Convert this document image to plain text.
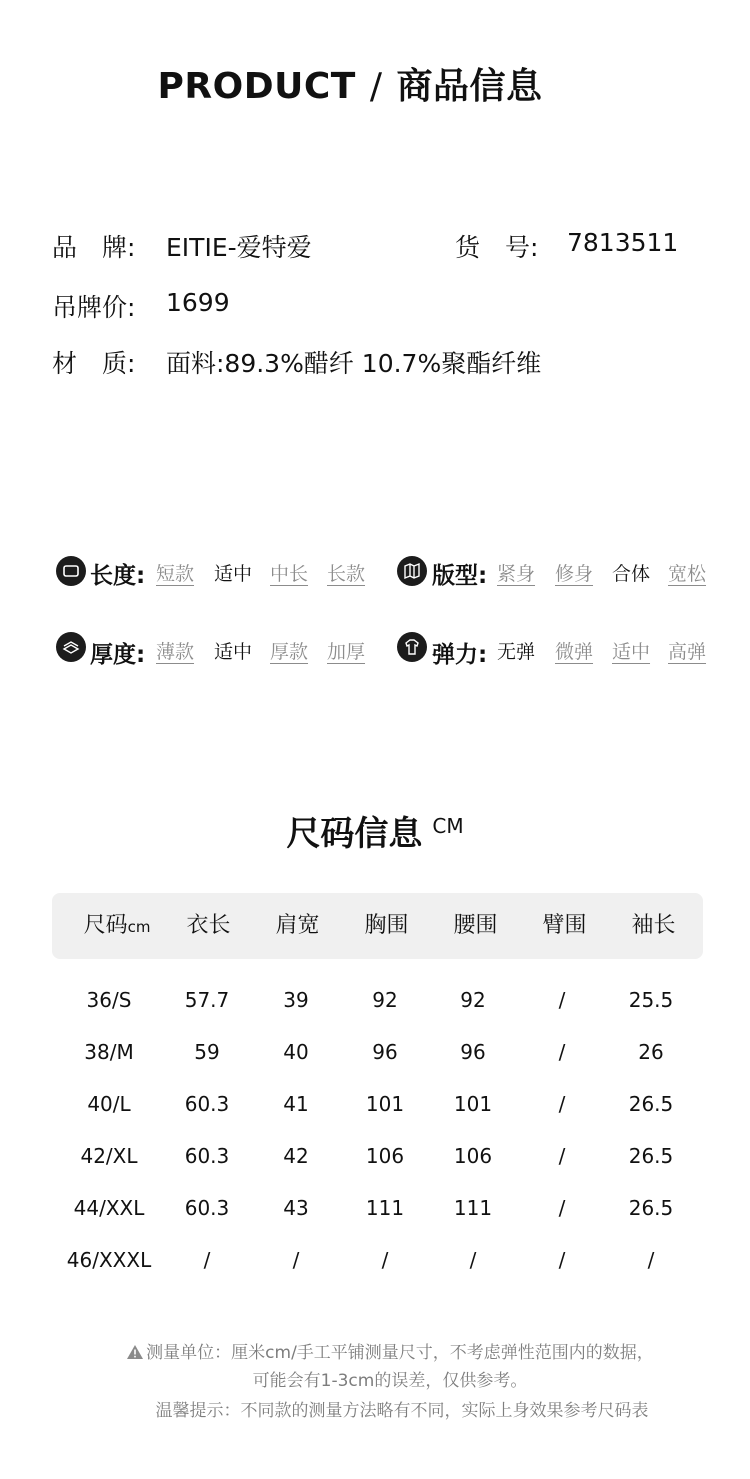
PRODUCT / 商品信息
品　牌: EITIE-爱特爱	货　号: 7813511
吊牌价: 1699
材　质: 面料:89.3%醋纤 10.7%聚酯纤维
长度: 短款 适中 中长 长款	版型: 紧身 修身 合体 宽松
厚度: 薄款 适中 厚款 加厚	弹力: 无弹 微弹 适中 高弹
尺码信息 CM
尺码cm	衣长	肩宽	胸围	腰围	臂围	袖长
36/S	57.7	39	92	92	/	25.5
38/M	59	40	96	96	/	26
40/L	60.3	41	101	101	/	26.5
42/XL	60.3	42	106	106	/	26.5
44/XXL	60.3	43	111	111	/	26.5
46/XXXL	/	/	/	/	/	/
测量单位：厘米cm/手工平铺测量尺寸，不考虑弹性范围内的数据，
可能会有1-3cm的误差，仅供参考。
温馨提示：不同款的测量方法略有不同，实际上身效果参考尺码表
